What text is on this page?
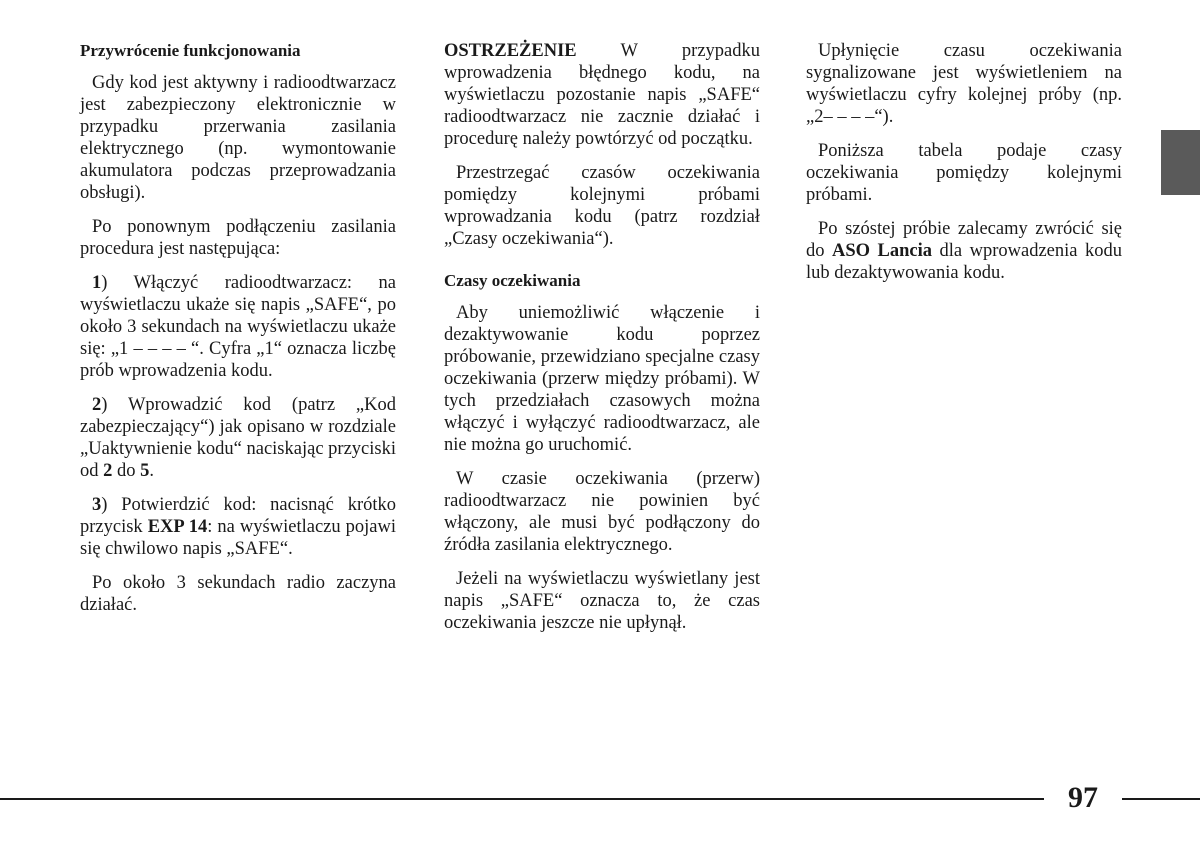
Przywrócenie funkcjonowania

Gdy kod jest aktywny i radioodtwarzacz jest zabezpieczony elektronicznie w przypadku przerwania zasilania elektrycznego (np. wymontowanie akumulatora podczas przeprowadzania obsługi).

Po ponownym podłączeniu zasilania procedura jest następująca:

1) Włączyć radioodtwarzacz: na wyświetlaczu ukaże się napis „SAFE“, po około 3 sekundach na wyświetlaczu ukaże się: „1 – – – – “. Cyfra „1“ oznacza liczbę prób wprowadzenia kodu.

2) Wprowadzić kod (patrz „Kod zabezpieczający“) jak opisano w rozdziale „Uaktywnienie kodu“ naciskając przyciski od 2 do 5.

3) Potwierdzić kod: nacisnąć krótko przycisk EXP 14: na wyświetlaczu pojawi się chwilowo napis „SAFE“.

Po około 3 sekundach radio zaczyna działać.

OSTRZEŻENIE W przypadku wprowadzenia błędnego kodu, na wyświetlaczu pozostanie napis „SAFE“ radioodtwarzacz nie zacznie działać i procedurę należy powtórzyć od początku.

Przestrzegać czasów oczekiwania pomiędzy kolejnymi próbami wprowadzania kodu (patrz rozdział „Czasy oczekiwania“).

Czasy oczekiwania

Aby uniemożliwić włączenie i dezaktywowanie kodu poprzez próbowanie, przewidziano specjalne czasy oczekiwania (przerw między próbami). W tych przedziałach czasowych można włączyć i wyłączyć radioodtwarzacz, ale nie można go uruchomić.

W czasie oczekiwania (przerw) radioodtwarzacz nie powinien być włączony, ale musi być podłączony do źródła zasilania elektrycznego.

Jeżeli na wyświetlaczu wyświetlany jest napis „SAFE“ oznacza to, że czas oczekiwania jeszcze nie upłynął.

Upłynięcie czasu oczekiwania sygnalizowane jest wyświetleniem na wyświetlaczu cyfry kolejnej próby (np. „2– – – –“).

Poniższa tabela podaje czasy oczekiwania pomiędzy kolejnymi próbami.

Po szóstej próbie zalecamy zwrócić się do ASO Lancia dla wprowadzenia kodu lub dezaktywowania kodu.

97
